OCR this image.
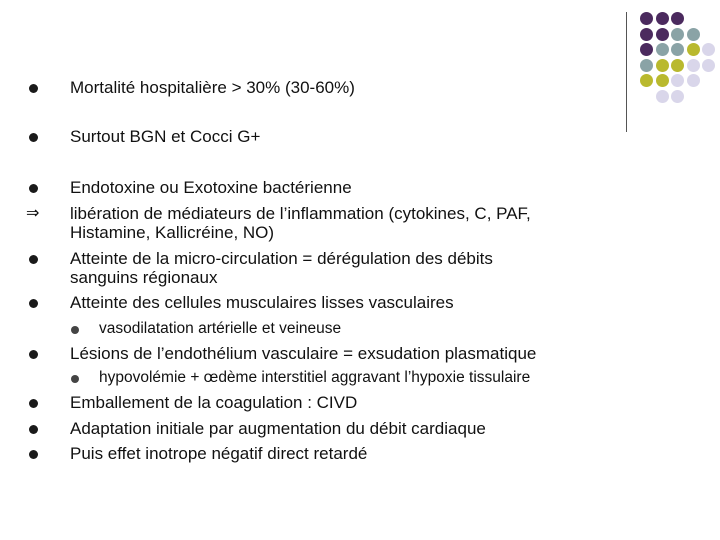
Mortalité hospitalière > 30% (30-60%)
Surtout BGN et Cocci G+
Endotoxine ou Exotoxine bactérienne
⇒ libération de médiateurs de l’inflammation (cytokines, C, PAF,
Histamine, Kallicréine, NO)
Atteinte de la micro-circulation = dérégulation des débits
sanguins régionaux
Atteinte des cellules musculaires lisses vasculaires
vasodilatation artérielle et veineuse
Lésions de l’endothélium vasculaire = exsudation plasmatique
hypovolémie + œdème interstitiel aggravant l’hypoxie tissulaire
Emballement de la coagulation : CIVD
Adaptation initiale par augmentation du débit cardiaque
Puis effet inotrope négatif direct retardé
